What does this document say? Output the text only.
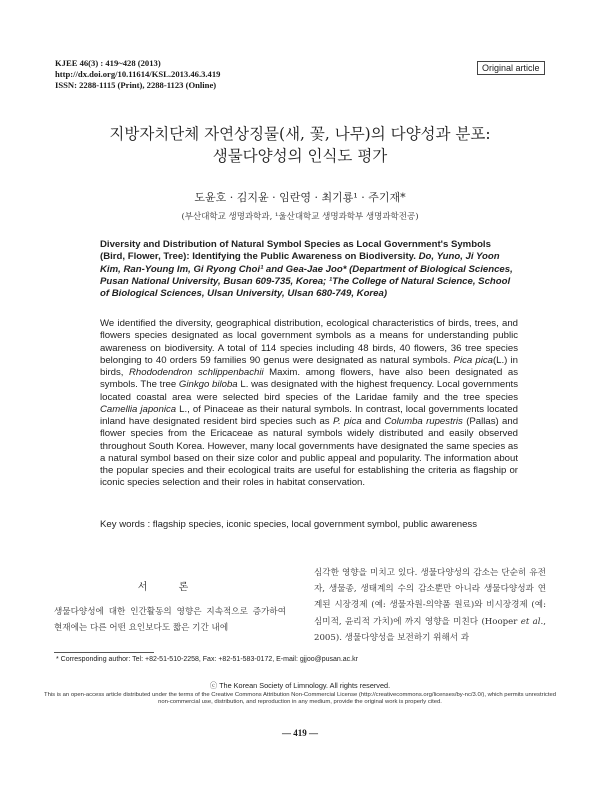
KJEE 46(3) : 419~428 (2013)
http://dx.doi.org/10.11614/KSL.2013.46.3.419
ISSN: 2288-1115 (Print), 2288-1123 (Online)
Original article
지방자치단체 자연상징물(새, 꽃, 나무)의 다양성과 분포:
생물다양성의 인식도 평가
도윤호 · 김지윤 · 임란영 · 최기룡¹ · 주기재*
(부산대학교 생명과학과, ¹울산대학교 생명과학부 생명과학전공)
Diversity and Distribution of Natural Symbol Species as Local Government's Symbols (Bird, Flower, Tree): Identifying the Public Awareness on Biodiversity. Do, Yuno, Ji Yoon Kim, Ran-Young Im, Gi Ryong Choi¹ and Gea-Jae Joo* (Department of Biological Sciences, Pusan National University, Busan 609-735, Korea; ¹The College of Natural Science, School of Biological Sciences, Ulsan University, Ulsan 680-749, Korea)
We identified the diversity, geographical distribution, ecological characteristics of birds, trees, and flowers species designated as local government symbols as a means for understanding public awareness on biodiversity. A total of 114 species including 48 birds, 40 flowers, 36 tree species belonging to 40 orders 59 families 90 genus were designated as natural symbols. Pica pica(L.) in birds, Rhododendron schlippenbachii Maxim. among flowers, have also been designated as symbols. The tree Ginkgo biloba L. was designated with the highest frequency. Local governments located coastal area were selected bird species of the Laridae family and the tree species Camellia japonica L., of Pinaceae as their natural symbols. In contrast, local governments located inland have designated resident bird species such as P. pica and Columba rupestris (Pallas) and flower species from the Ericaceae as natural symbols widely distributed and easily observed throughout South Korea. However, many local governments have designated the same species as a natural symbol based on their size color and public appeal and popularity. The information about the popular species and their ecological traits are useful for establishing the criteria as flagship or iconic species selection and their roles in habitat conservation.
Key words : flagship species, iconic species, local government symbol, public awareness
서 론
생물다양성에 대한 인간활동의 영향은 지속적으로 증가하여 현재에는 다른 어떤 요인보다도 짧은 기간 내에
심각한 영향을 미치고 있다. 생물다양성의 감소는 단순히 유전자, 생물종, 생태계의 수의 감소뿐만 아니라 생물다양성과 연계된 시장경제 (예: 생물자원-의약품 원료)와 비시장경제 (예: 심미적, 윤리적 가치)에 까지 영향을 미친다 (Hooper et al., 2005). 생물다양성을 보전하기 위해서 과
* Corresponding author: Tel: +82-51-510-2258, Fax: +82-51-583-0172, E-mail: gjjoo@pusan.ac.kr
ⓒ The Korean Society of Limnology. All rights reserved.
This is an open-access article distributed under the terms of the Creative Commons Attribution Non-Commercial License (http://creativecommons.org/licenses/by-nc/3.0/), which permits unrestricted non-commercial use, distribution, and reproduction in any medium, provide the original work is properly cited.
— 419 —
